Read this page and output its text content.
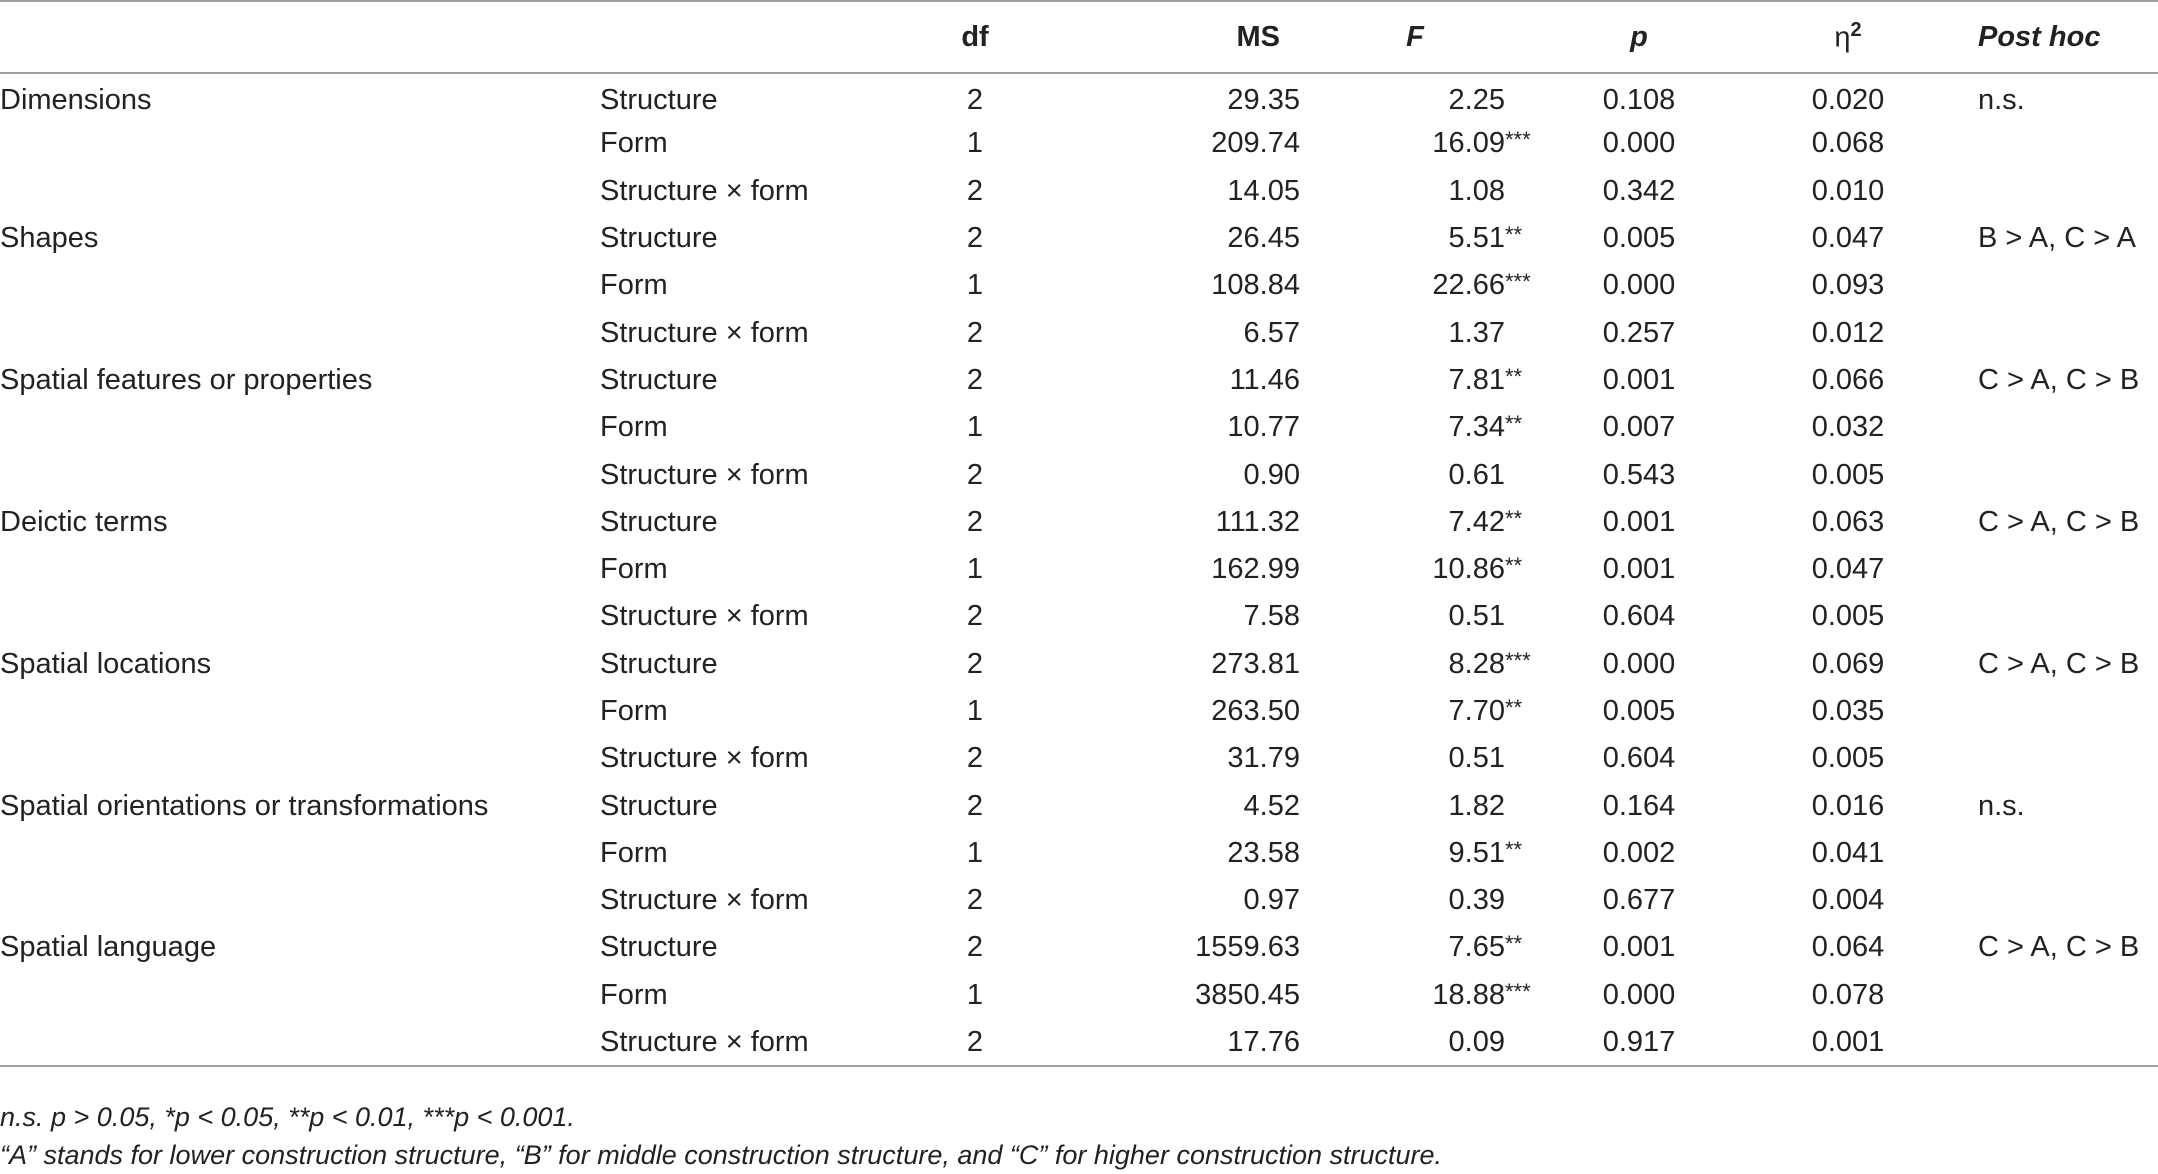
		df	MS	F	p	$\eta^2$	Post hoc
Dimensions	Structure	2	29.35	2.25	0.108	0.020	n.s.
	Form	1	209.74	16.09 ***	0.000	0.068	
	Structure × form	2	14.05	1.08	0.342	0.010	
Shapes	Structure	2	26.45	5.51 **	0.005	0.047	B > A, C > A
	Form	1	108.84	22.66 ***	0.000	0.093	
	Structure × form	2	6.57	1.37	0.257	0.012	
Spatial features or properties	Structure	2	11.46	7.81 **	0.001	0.066	C > A, C > B
	Form	1	10.77	7.34 **	0.007	0.032	
	Structure × form	2	0.90	0.61	0.543	0.005	
Deictic terms	Structure	2	111.32	7.42 **	0.001	0.063	C > A, C > B
	Form	1	162.99	10.86 **	0.001	0.047	
	Structure × form	2	7.58	0.51	0.604	0.005	
Spatial locations	Structure	2	273.81	8.28 ***	0.000	0.069	C > A, C > B
	Form	1	263.50	7.70 **	0.005	0.035	
	Structure × form	2	31.79	0.51	0.604	0.005	
Spatial orientations or transformations	Structure	2	4.52	1.82	0.164	0.016	n.s.
	Form	1	23.58	9.51 **	0.002	0.041	
	Structure × form	2	0.97	0.39	0.677	0.004	
Spatial language	Structure	2	1559.63	7.65 **	0.001	0.064	C > A, C > B
	Form	1	3850.45	18.88 ***	0.000	0.078	
	Structure × form	2	17.76	0.09	0.917	0.001	

n.s. p > 0.05, *p < 0.05, **p < 0.01, ***p < 0.001.

“A” stands for lower construction structure, “B” for middle construction structure, and “C” for higher construction structure.
